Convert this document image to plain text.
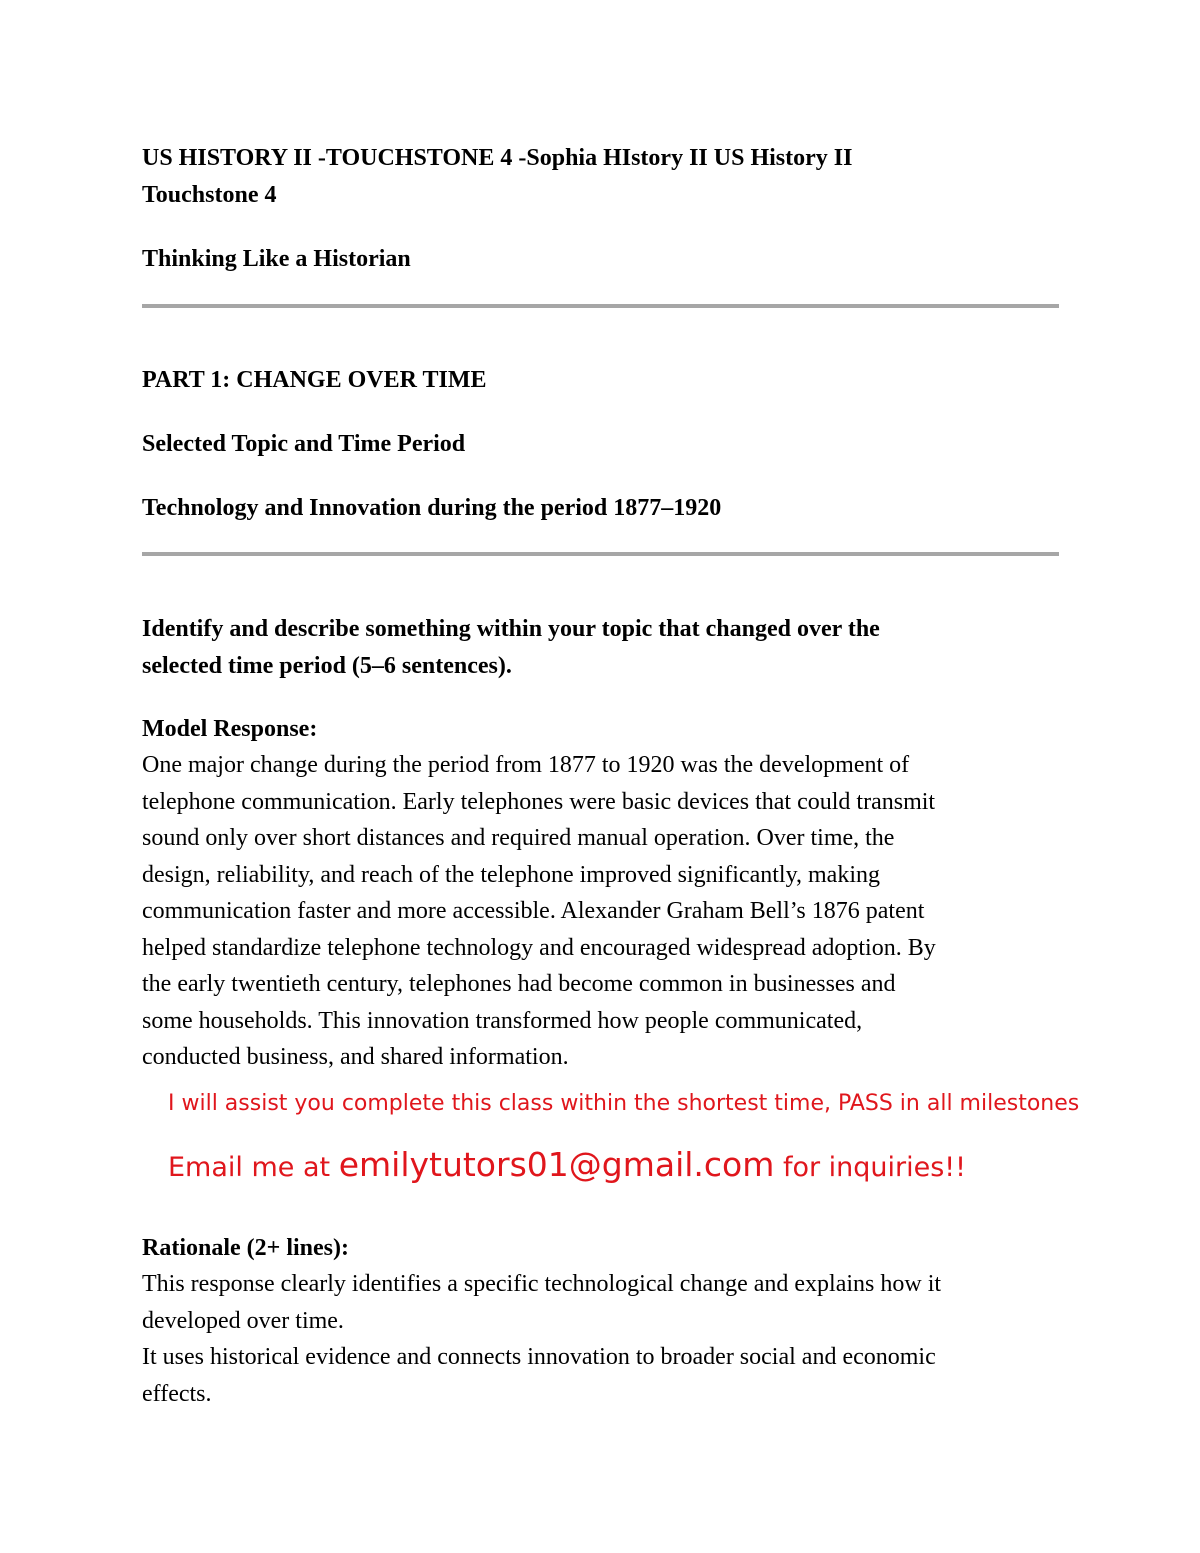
US HISTORY II -TOUCHSTONE 4 -Sophia HIstory II US History II

Touchstone 4

Thinking Like a Historian

PART 1: CHANGE OVER TIME

Selected Topic and Time Period

Technology and Innovation during the period 1877–1920

Identify and describe something within your topic that changed over the

selected time period (5–6 sentences).

Model Response:

One major change during the period from 1877 to 1920 was the development of
telephone communication. Early telephones were basic devices that could transmit
sound only over short distances and required manual operation. Over time, the
design, reliability, and reach of the telephone improved significantly, making
communication faster and more accessible. Alexander Graham Bell’s 1876 patent
helped standardize telephone technology and encouraged widespread adoption. By
the early twentieth century, telephones had become common in businesses and
some households. This innovation transformed how people communicated,
conducted business, and shared information.

I will assist you complete this class within the shortest time, PASS in all milestones

Email me at emilytutors01@gmail.com for inquiries!!

Rationale (2+ lines):

This response clearly identifies a specific technological change and explains how it
developed over time.
It uses historical evidence and connects innovation to broader social and economic
effects.
